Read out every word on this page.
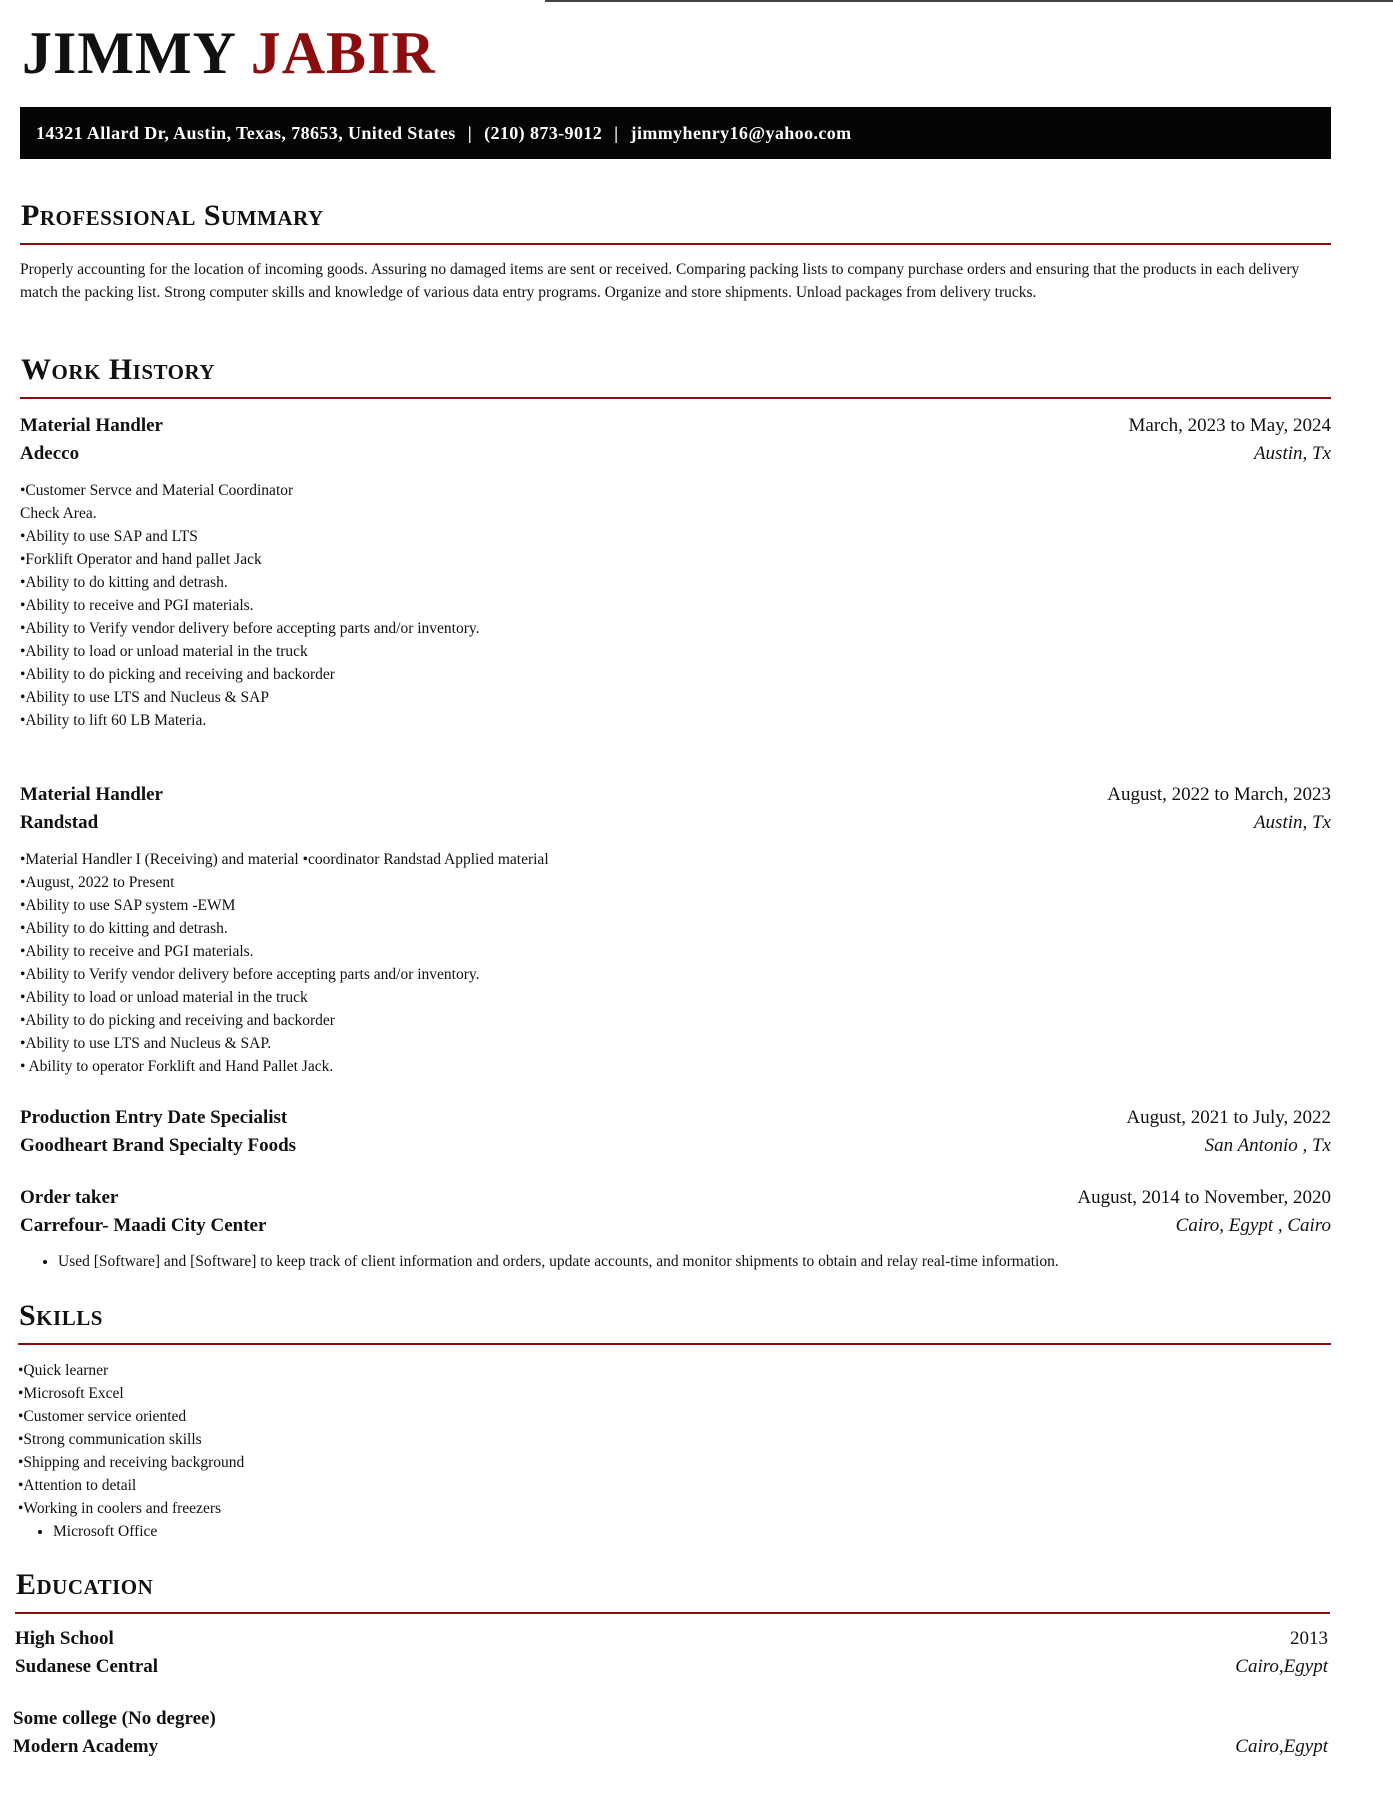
JIMMY JABIR
14321 Allard Dr, Austin, Texas, 78653, United States | (210) 873-9012 | jimmyhenry16@yahoo.com
Professional Summary
Properly accounting for the location of incoming goods. Assuring no damaged items are sent or received. Comparing packing lists to company purchase orders and ensuring that the products in each delivery match the packing list. Strong computer skills and knowledge of various data entry programs. Organize and store shipments. Unload packages from delivery trucks.
Work History
Material Handler	March, 2023 to May, 2024
Adecco	Austin, Tx
•Customer Servce and Material Coordinator
Check Area.
•Ability to use SAP and LTS
•Forklift Operator and hand pallet Jack
•Ability to do kitting and detrash.
•Ability to receive and PGI materials.
•Ability to Verify vendor delivery before accepting parts and/or inventory.
•Ability to load or unload material in the truck
•Ability to do picking and receiving and backorder
•Ability to use LTS and Nucleus & SAP
•Ability to lift 60 LB Materia.
Material Handler	August, 2022 to March, 2023
Randstad	Austin, Tx
•Material Handler I (Receiving) and material •coordinator Randstad Applied material
•August, 2022 to Present
•Ability to use SAP system -EWM
•Ability to do kitting and detrash.
•Ability to receive and PGI materials.
•Ability to Verify vendor delivery before accepting parts and/or inventory.
•Ability to load or unload material in the truck
•Ability to do picking and receiving and backorder
•Ability to use LTS and Nucleus & SAP.
• Ability to operator Forklift and Hand Pallet Jack.
Production Entry Date Specialist	August, 2021 to July, 2022
Goodheart Brand Specialty Foods	San Antonio , Tx
Order taker	August, 2014 to November, 2020
Carrefour- Maadi City Center	Cairo, Egypt , Cairo
• Used [Software] and [Software] to keep track of client information and orders, update accounts, and monitor shipments to obtain and relay real-time information.
Skills
•Quick learner
•Microsoft Excel
•Customer service oriented
•Strong communication skills
•Shipping and receiving background
•Attention to detail
•Working in coolers and freezers
• Microsoft Office
Education
High School	2013
Sudanese Central	Cairo,Egypt
Some college (No degree)
Modern Academy	Cairo,Egypt
